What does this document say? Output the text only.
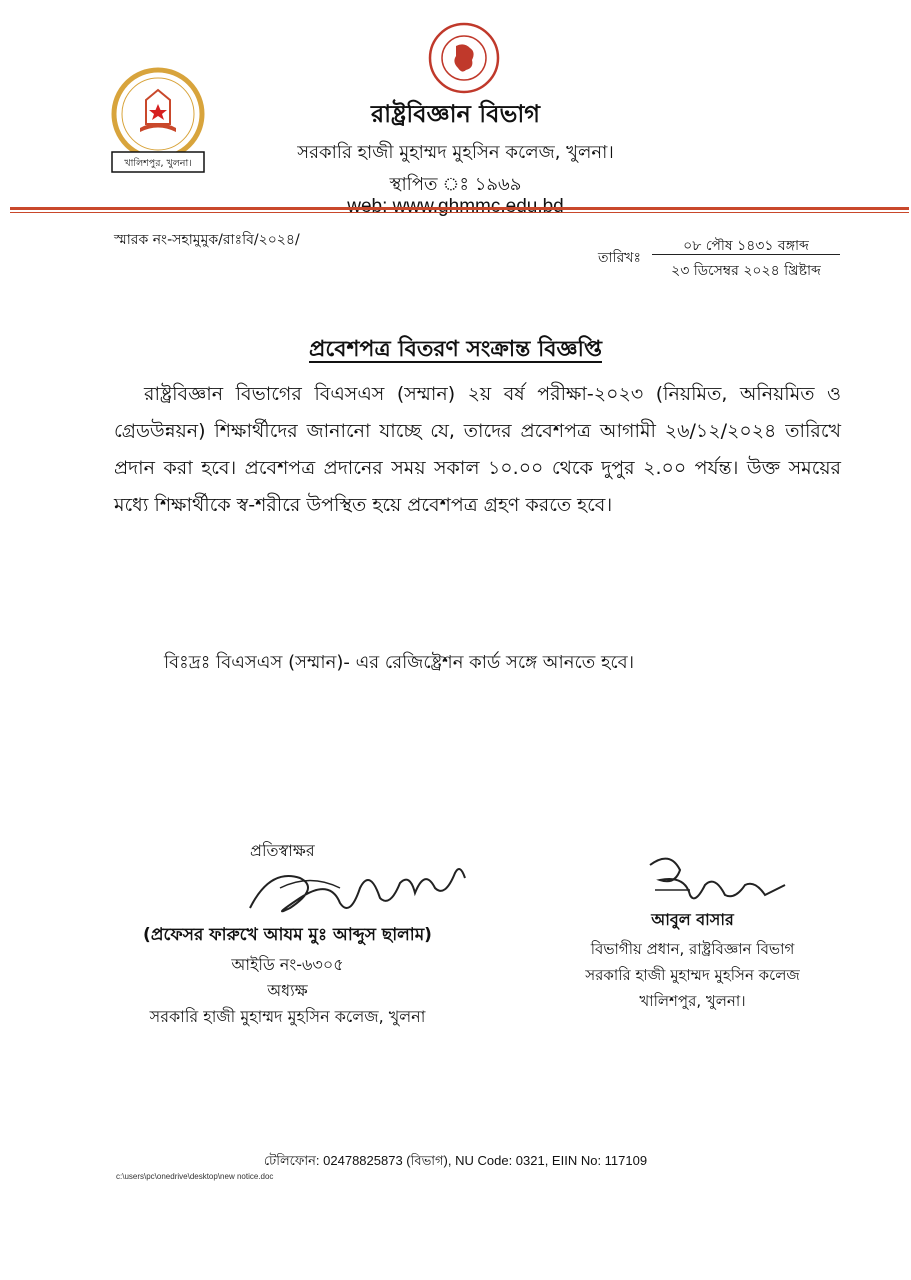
খালিশপুর, খুলনা।
রাষ্ট্রবিজ্ঞান বিভাগ
সরকারি হাজী মুহাম্মদ মুহসিন কলেজ, খুলনা।
স্থাপিত ঃ ১৯৬৯
স্মারক নং-সহামুমুক/রাঃবি/২০২৪/
তারিখঃ
০৮ পৌষ ১৪৩১ বঙ্গাব্দ
২৩ ডিসেম্বর ২০২৪ খ্রিষ্টাব্দ
প্রবেশপত্র বিতরণ সংক্রান্ত বিজ্ঞপ্তি
রাষ্ট্রবিজ্ঞান বিভাগের বিএসএস (সম্মান) ২য় বর্ষ পরীক্ষা-২০২৩ (নিয়মিত, অনিয়মিত ও গ্রেডউন্নয়ন) শিক্ষার্থীদের জানানো যাচ্ছে যে, তাদের প্রবেশপত্র আগামী ২৬/১২/২০২৪ তারিখে প্রদান করা হবে। প্রবেশপত্র প্রদানের সময় সকাল ১০.০০ থেকে দুপুর ২.০০ পর্যন্ত। উক্ত সময়ের মধ্যে শিক্ষার্থীকে স্ব-শরীরে উপস্থিত হয়ে প্রবেশপত্র গ্রহণ করতে হবে।
বিঃদ্রঃ বিএসএস (সম্মান)- এর রেজিষ্ট্রেশন কার্ড সঙ্গে আনতে হবে।
প্রতিস্বাক্ষর
(প্রফেসর ফারুখে আযম মুঃ আব্দুস ছালাম)
আইডি নং-৬৩০৫
অধ্যক্ষ
সরকারি হাজী মুহাম্মদ মুহসিন কলেজ, খুলনা
আবুল বাসার
বিভাগীয় প্রধান, রাষ্ট্রবিজ্ঞান বিভাগ
সরকারি হাজী মুহাম্মদ মুহসিন কলেজ
খালিশপুর, খুলনা।
টেলিফোন: 02478825873 (বিভাগ), NU Code: 0321, EIIN No: 117109
c:\users\pc\onedrive\desktop\new notice.doc
